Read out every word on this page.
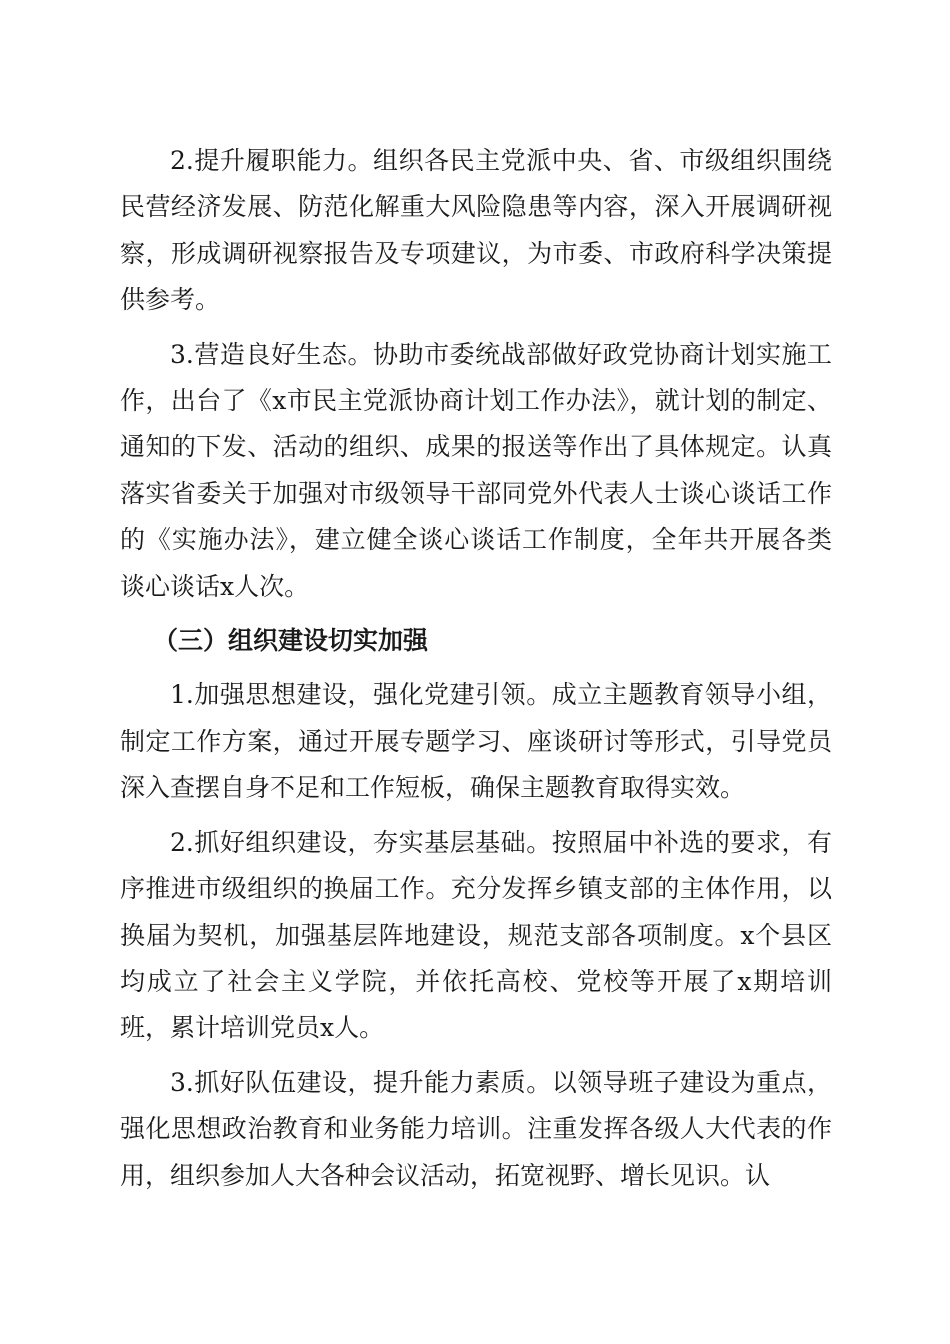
2.提升履职能力。组织各民主党派中央、省、市级组织围绕民营经济发展、防范化解重大风险隐患等内容，深入开展调研视察，形成调研视察报告及专项建议，为市委、市政府科学决策提供参考。

3.营造良好生态。协助市委统战部做好政党协商计划实施工作，出台了《x市民主党派协商计划工作办法》，就计划的制定、通知的下发、活动的组织、成果的报送等作出了具体规定。认真落实省委关于加强对市级领导干部同党外代表人士谈心谈话工作的《实施办法》，建立健全谈心谈话工作制度，全年共开展各类谈心谈话x人次。

（三）组织建设切实加强

1.加强思想建设，强化党建引领。成立主题教育领导小组，制定工作方案，通过开展专题学习、座谈研讨等形式，引导党员深入查摆自身不足和工作短板，确保主题教育取得实效。

2.抓好组织建设，夯实基层基础。按照届中补选的要求，有序推进市级组织的换届工作。充分发挥乡镇支部的主体作用，以换届为契机，加强基层阵地建设，规范支部各项制度。x个县区均成立了社会主义学院，并依托高校、党校等开展了x期培训班，累计培训党员x人。

3.抓好队伍建设，提升能力素质。以领导班子建设为重点，强化思想政治教育和业务能力培训。注重发挥各级人大代表的作用，组织参加人大各种会议活动，拓宽视野、增长见识。认
